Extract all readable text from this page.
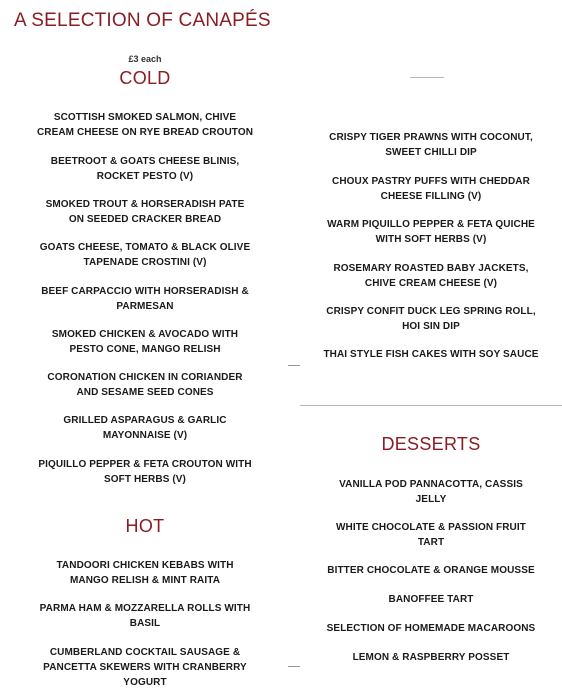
A SELECTION OF CANAPÉS
£3 each
COLD
HOT
DESSERTS
SCOTTISH SMOKED SALMON, CHIVE
CREAM CHEESE ON RYE BREAD CROUTON
BEETROOT & GOATS CHEESE BLINIS,
ROCKET PESTO (V)
SMOKED TROUT & HORSERADISH PATE
ON SEEDED CRACKER BREAD
GOATS CHEESE, TOMATO & BLACK OLIVE
TAPENADE CROSTINI (V)
BEEF CARPACCIO WITH HORSERADISH &
PARMESAN
SMOKED CHICKEN & AVOCADO WITH
PESTO CONE, MANGO RELISH
CORONATION CHICKEN IN CORIANDER
AND SESAME SEED CONES
GRILLED ASPARAGUS & GARLIC
MAYONNAISE (V)
PIQUILLO PEPPER & FETA CROUTON WITH
SOFT HERBS (V)
CRISPY TIGER PRAWNS WITH COCONUT,
SWEET CHILLI DIP
CHOUX PASTRY PUFFS WITH CHEDDAR
CHEESE FILLING (V)
WARM PIQUILLO PEPPER & FETA QUICHE
WITH SOFT HERBS (V)
ROSEMARY ROASTED BABY JACKETS,
CHIVE CREAM CHEESE (V)
CRISPY CONFIT DUCK LEG SPRING ROLL,
HOI SIN DIP
THAI STYLE FISH CAKES WITH SOY SAUCE
TANDOORI CHICKEN KEBABS WITH
MANGO RELISH & MINT RAITA
PARMA HAM & MOZZARELLA ROLLS WITH
BASIL
CUMBERLAND COCKTAIL SAUSAGE &
PANCETTA SKEWERS WITH CRANBERRY
YOGURT
VANILLA POD PANNACOTTA, CASSIS
JELLY
WHITE CHOCOLATE & PASSION FRUIT
TART
BITTER CHOCOLATE & ORANGE MOUSSE
BANOFFEE TART
SELECTION OF HOMEMADE MACAROONS
LEMON & RASPBERRY POSSET
